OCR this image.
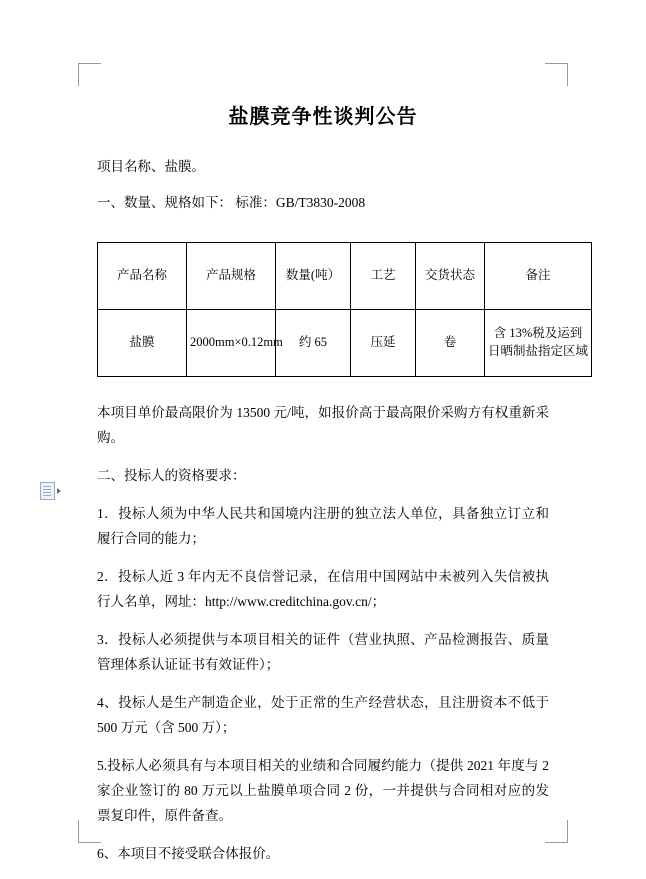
盐膜竞争性谈判公告

项目名称、盐膜。

一、数量、规格如下： 标准：GB/T3830-2008

产品名称	产品规格	数量(吨）	工艺	交货状态	备注
盐膜	2000mm×0.12mm	约 65	压延	卷	含 13%税及运到日晒制盐指定区域

本项目单价最高限价为 13500 元/吨，如报价高于最高限价采购方有权重新采购。

二、投标人的资格要求：

1．投标人须为中华人民共和国境内注册的独立法人单位，具备独立订立和履行合同的能力；

2．投标人近 3 年内无不良信誉记录，在信用中国网站中未被列入失信被执行人名单，网址：http://www.creditchina.gov.cn/；

3．投标人必须提供与本项目相关的证件（营业执照、产品检测报告、质量管理体系认证证书有效证件）；

4、投标人是生产制造企业，处于正常的生产经营状态，且注册资本不低于 500 万元（含 500 万）；

5.投标人必须具有与本项目相关的业绩和合同履约能力（提供 2021 年度与 2 家企业签订的 80 万元以上盐膜单项合同 2 份，一并提供与合同相对应的发票复印件，原件备查。

6、本项目不接受联合体报价。
